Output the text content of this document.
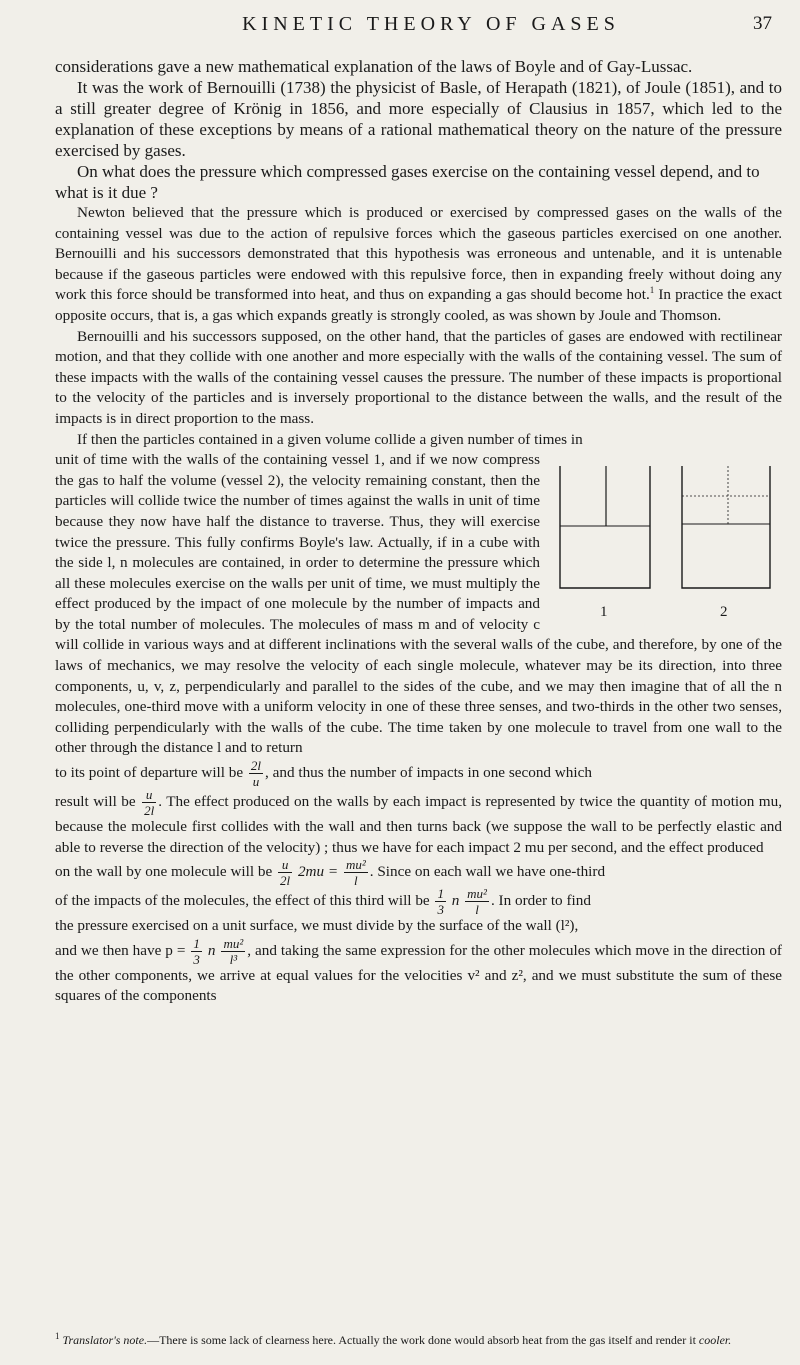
KINETIC THEORY OF GASES	37

considerations gave a new mathematical explanation of the laws of Boyle and of Gay-Lussac.

It was the work of Bernouilli (1738) the physicist of Basle, of Herapath (1821), of Joule (1851), and to a still greater degree of Krönig in 1856, and more especially of Clausius in 1857, which led to the explanation of these exceptions by means of a rational mathematical theory on the nature of the pressure exercised by gases.

On what does the pressure which compressed gases exercise on the containing vessel depend, and to what is it due ?

Newton believed that the pressure which is produced or exercised by compressed gases on the walls of the containing vessel was due to the action of repulsive forces which the gaseous particles exercised on one another. Bernouilli and his successors demonstrated that this hypothesis was erroneous and untenable, and it is untenable because if the gaseous particles were endowed with this repulsive force, then in expanding freely without doing any work this force should be transformed into heat, and thus on expanding a gas should become hot.$^1$ In practice the exact opposite occurs, that is, a gas which expands greatly is strongly cooled, as was shown by Joule and Thomson.

Bernouilli and his successors supposed, on the other hand, that the particles of gases are endowed with rectilinear motion, and that they collide with one another and more especially with the walls of the containing vessel. The sum of these impacts with the walls of the containing vessel causes the pressure. The number of these impacts is proportional to the velocity of the particles and is inversely proportional to the distance between the walls, and the result of the impacts is in direct proportion to the mass.

If then the particles contained in a given volume collide a given number of times in

1	2

unit of time with the walls of the containing vessel 1, and if we now compress the gas to half the volume (vessel 2), the velocity remaining constant, then the particles will collide twice the number of times against the walls in unit of time because they now have half the distance to traverse. Thus, they will exercise twice the pressure. This fully confirms Boyle's law. Actually, if in a cube with the side l, n molecules are contained, in order to determine the pressure which all these molecules exercise on the walls per unit of time, we must multiply the effect produced by the impact of one molecule by the number of impacts and by the total number of molecules. The molecules of mass m and of velocity c will collide in various ways and at different inclinations with the several walls of the cube, and therefore, by one of the laws of mechanics, we may resolve the velocity of each single molecule, whatever may be its direction, into three components, u, v, z, perpendicularly and parallel to the sides of the cube, and we may then imagine that of all the n molecules, one-third move with a uniform velocity in one of these three senses, and two-thirds in the other two senses, colliding perpendicularly with the walls of the cube. The time taken by one molecule to travel from one wall to the other through the distance l and to return

to its point of departure will be $\frac{2l}{u}$ , and thus the number of impacts in one second which

result will be $\frac{u}{2l}$ . The effect produced on the walls by each impact is represented by twice the quantity of motion mu, because the molecule first collides with the wall and then turns back (we suppose the wall to be perfectly elastic and able to reverse the direction of the velocity) ; thus we have for each impact 2 mu per second, and the effect produced

on the wall by one molecule will be $\frac{u}{2l} 2mu = \frac{\text{mu²}}{l}$ . Since on each wall we have one-third

of the impacts of the molecules, the effect of this third will be $\frac{1}{3}$ n $\frac{\text{mu²}}{l}$ . In order to find

the pressure exercised on a unit surface, we must divide by the surface of the wall (l²),

and we then have $p = \frac{1}{3}$ n $\frac{\text{mu²}}{\text{l³}}$ , and taking the same expression for the other molecules which move in the direction of the other components, we arrive at equal values for the velocities v² and z², and we must substitute the sum of these squares of the components

$^1$ Translator's note.—There is some lack of clearness here. Actually the work done would absorb heat from the gas itself and render it cooler.
